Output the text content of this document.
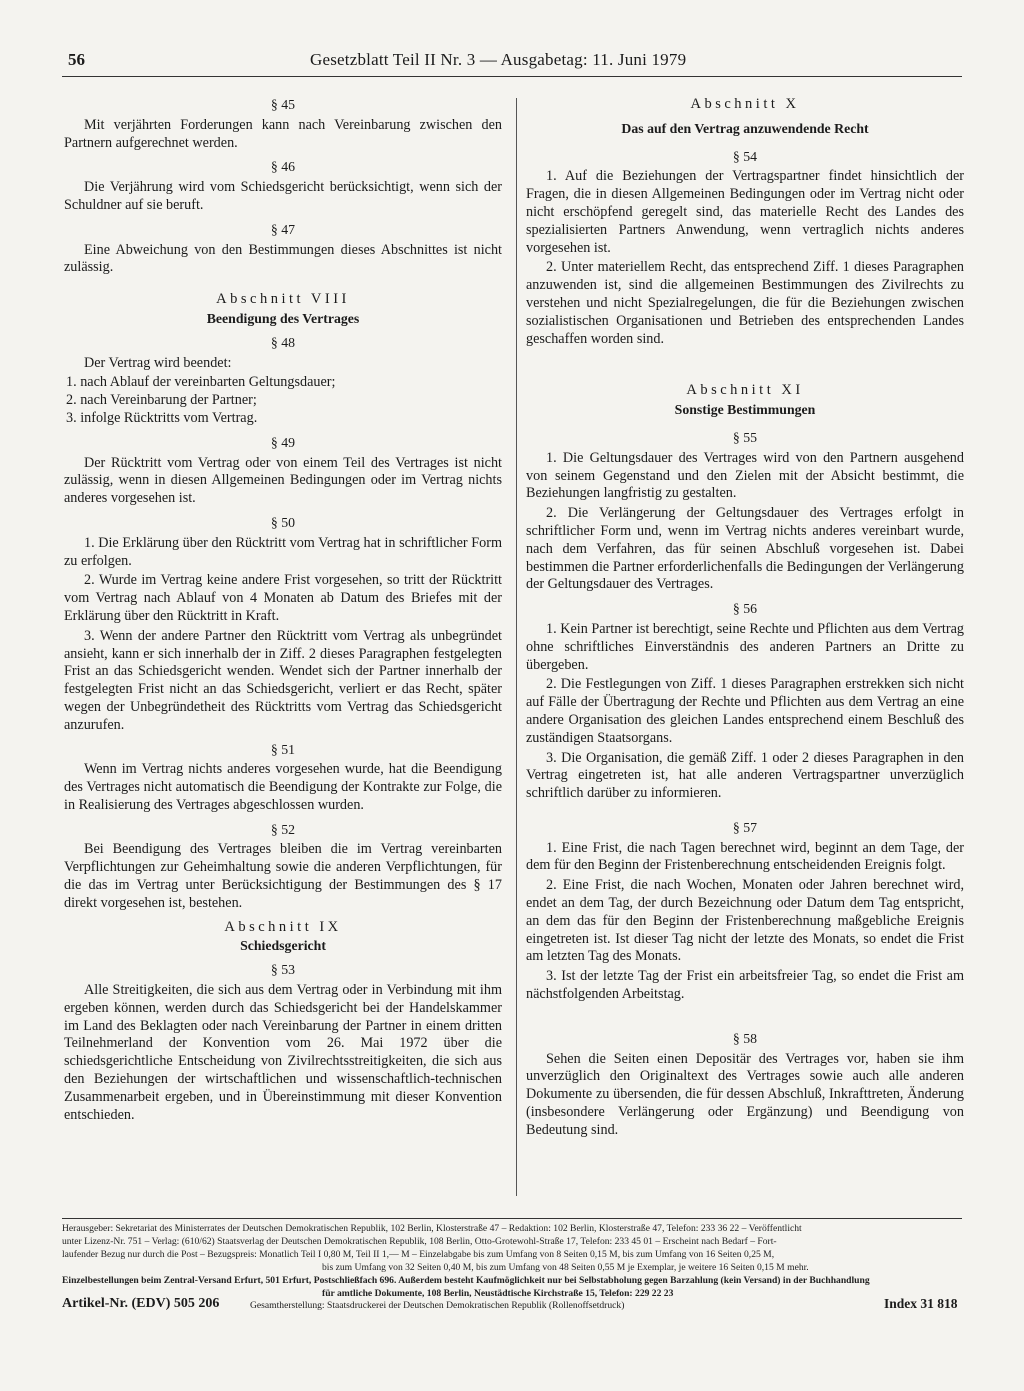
56	Gesetzblatt Teil II Nr. 3 — Ausgabetag: 11. Juni 1979
§ 45

Mit verjährten Forderungen kann nach Vereinbarung zwischen den Partnern aufgerechnet werden.

§ 46

Die Verjährung wird vom Schiedsgericht berücksichtigt, wenn sich der Schuldner auf sie beruft.

§ 47

Eine Abweichung von den Bestimmungen dieses Abschnittes ist nicht zulässig.

Abschnitt VIII
Beendigung des Vertrages
§ 48

Der Vertrag wird beendet:

1. nach Ablauf der vereinbarten Geltungsdauer;

2. nach Vereinbarung der Partner;

3. infolge Rücktritts vom Vertrag.

§ 49

Der Rücktritt vom Vertrag oder von einem Teil des Vertrages ist nicht zulässig, wenn in diesen Allgemeinen Bedingungen oder im Vertrag nichts anderes vorgesehen ist.

§ 50

1. Die Erklärung über den Rücktritt vom Vertrag hat in schriftlicher Form zu erfolgen.

2. Wurde im Vertrag keine andere Frist vorgesehen, so tritt der Rücktritt vom Vertrag nach Ablauf von 4 Monaten ab Datum des Briefes mit der Erklärung über den Rücktritt in Kraft.

3. Wenn der andere Partner den Rücktritt vom Vertrag als unbegründet ansieht, kann er sich innerhalb der in Ziff. 2 dieses Paragraphen festgelegten Frist an das Schiedsgericht wenden. Wendet sich der Partner innerhalb der festgelegten Frist nicht an das Schiedsgericht, verliert er das Recht, später wegen der Unbegründetheit des Rücktritts vom Vertrag das Schiedsgericht anzurufen.

§ 51

Wenn im Vertrag nichts anderes vorgesehen wurde, hat die Beendigung des Vertrages nicht automatisch die Beendigung der Kontrakte zur Folge, die in Realisierung des Vertrages abgeschlossen wurden.

§ 52

Bei Beendigung des Vertrages bleiben die im Vertrag vereinbarten Verpflichtungen zur Geheimhaltung sowie die anderen Verpflichtungen, für die das im Vertrag unter Berücksichtigung der Bestimmungen des § 17 direkt vorgesehen ist, bestehen.

Abschnitt IX
Schiedsgericht
§ 53

Alle Streitigkeiten, die sich aus dem Vertrag oder in Verbindung mit ihm ergeben können, werden durch das Schiedsgericht bei der Handelskammer im Land des Beklagten oder nach Vereinbarung der Partner in einem dritten Teilnehmerland der Konvention vom 26. Mai 1972 über die schiedsgerichtliche Entscheidung von Zivilrechtsstreitigkeiten, die sich aus den Beziehungen der wirtschaftlichen und wissenschaftlich-technischen Zusammenarbeit ergeben, und in Übereinstimmung mit dieser Konvention entschieden.

Abschnitt X
Das auf den Vertrag anzuwendende Recht
§ 54

1. Auf die Beziehungen der Vertragspartner findet hinsichtlich der Fragen, die in diesen Allgemeinen Bedingungen oder im Vertrag nicht oder nicht erschöpfend geregelt sind, das materielle Recht des Landes des spezialisierten Partners Anwendung, wenn vertraglich nichts anderes vorgesehen ist.

2. Unter materiellem Recht, das entsprechend Ziff. 1 dieses Paragraphen anzuwenden ist, sind die allgemeinen Bestimmungen des Zivilrechts zu verstehen und nicht Spezialregelungen, die für die Beziehungen zwischen sozialistischen Organisationen und Betrieben des entsprechenden Landes geschaffen worden sind.

Abschnitt XI
Sonstige Bestimmungen
§ 55

1. Die Geltungsdauer des Vertrages wird von den Partnern ausgehend von seinem Gegenstand und den Zielen mit der Absicht bestimmt, die Beziehungen langfristig zu gestalten.

2. Die Verlängerung der Geltungsdauer des Vertrages erfolgt in schriftlicher Form und, wenn im Vertrag nichts anderes vereinbart wurde, nach dem Verfahren, das für seinen Abschluß vorgesehen ist. Dabei bestimmen die Partner erforderlichenfalls die Bedingungen der Verlängerung der Geltungsdauer des Vertrages.

§ 56

1. Kein Partner ist berechtigt, seine Rechte und Pflichten aus dem Vertrag ohne schriftliches Einverständnis des anderen Partners an Dritte zu übergeben.

2. Die Festlegungen von Ziff. 1 dieses Paragraphen erstrekken sich nicht auf Fälle der Übertragung der Rechte und Pflichten aus dem Vertrag an eine andere Organisation des gleichen Landes entsprechend einem Beschluß des zuständigen Staatsorgans.

3. Die Organisation, die gemäß Ziff. 1 oder 2 dieses Paragraphen in den Vertrag eingetreten ist, hat alle anderen Vertragspartner unverzüglich schriftlich darüber zu informieren.

§ 57

1. Eine Frist, die nach Tagen berechnet wird, beginnt an dem Tage, der dem für den Beginn der Fristenberechnung entscheidenden Ereignis folgt.

2. Eine Frist, die nach Wochen, Monaten oder Jahren berechnet wird, endet an dem Tag, der durch Bezeichnung oder Datum dem Tag entspricht, an dem das für den Beginn der Fristenberechnung maßgebliche Ereignis eingetreten ist. Ist dieser Tag nicht der letzte des Monats, so endet die Frist am letzten Tag des Monats.

3. Ist der letzte Tag der Frist ein arbeitsfreier Tag, so endet die Frist am nächstfolgenden Arbeitstag.

§ 58

Sehen die Seiten einen Depositär des Vertrages vor, haben sie ihm unverzüglich den Originaltext des Vertrages sowie auch alle anderen Dokumente zu übersenden, die für dessen Abschluß, Inkrafttreten, Änderung (insbesondere Verlängerung oder Ergänzung) und Beendigung von Bedeutung sind.

Herausgeber: Sekretariat des Ministerrates der Deutschen Demokratischen Republik, 102 Berlin, Klosterstraße 47 – Redaktion: 102 Berlin, Klosterstraße 47, Telefon: 233 36 22 – Veröffentlicht
unter Lizenz-Nr. 751 – Verlag: (610/62) Staatsverlag der Deutschen Demokratischen Republik, 108 Berlin, Otto-Grotewohl-Straße 17, Telefon: 233 45 01 – Erscheint nach Bedarf – Fort-
laufender Bezug nur durch die Post – Bezugspreis: Monatlich Teil I 0,80 M, Teil II 1,— M – Einzelabgabe bis zum Umfang von 8 Seiten 0,15 M, bis zum Umfang von 16 Seiten 0,25 M,
bis zum Umfang von 32 Seiten 0,40 M, bis zum Umfang von 48 Seiten 0,55 M je Exemplar, je weitere 16 Seiten 0,15 M mehr.
Einzelbestellungen beim Zentral-Versand Erfurt, 501 Erfurt, Postschließfach 696. Außerdem besteht Kaufmöglichkeit nur bei Selbstabholung gegen Barzahlung (kein Versand) in der Buchhandlung
für amtliche Dokumente, 108 Berlin, Neustädtische Kirchstraße 15, Telefon: 229 22 23
Artikel-Nr. (EDV) 505 206	Gesamtherstellung: Staatsdruckerei der Deutschen Demokratischen Republik (Rollenoffsetdruck)	Index 31 818
